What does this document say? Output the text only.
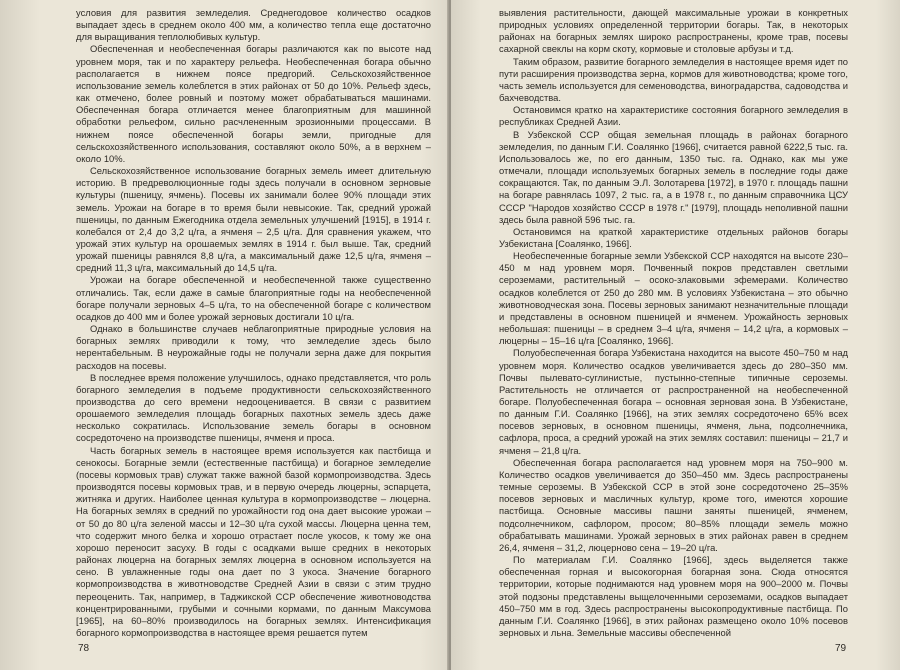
условия для развития земледелия. Среднегодовое количество осадков выпадает здесь в среднем около 400 мм, а количество тепла еще достаточно для выращивания теплолюбивых культур.

Обеспеченная и необеспеченная богары различаются как по высоте над уровнем моря, так и по характеру рельефа. Необеспеченная богара обычно располагается в нижнем поясе предгорий. Сельскохозяйственное использование земель колеблется в этих районах от 50 до 10%. Рельеф здесь, как отмечено, более ровный и поэтому может обрабатываться машинами. Обеспеченная богара отличается менее благоприятным для машинной обработки рельефом, сильно расчлененным эрозионными процессами. В нижнем поясе обеспеченной богары земли, пригодные для сельскохозяйственного использования, составляют около 50%, а в верхнем – около 10%.

Сельскохозяйственное использование богарных земель имеет длительную историю. В предреволюционные годы здесь получали в основном зерновые культуры (пшеницу, ячмень). Посевы их занимали более 90% площади этих земель. Урожаи на богаре в то время были невысокие. Так, средний урожай пшеницы, по данным Ежегодника отдела земельных улучшений [1915], в 1914 г. колебался от 2,4 до 3,2 ц/га, а ячменя – 2,5 ц/га. Для сравнения укажем, что урожай этих культур на орошаемых землях в 1914 г. был выше. Так, средний урожай пшеницы равнялся 8,8 ц/га, а максимальный даже 12,5 ц/га, ячменя – средний 11,3 ц/га, максимальный до 14,5 ц/га.

Урожаи на богаре обеспеченной и необеспеченной также существенно отличались. Так, если даже в самые благоприятные годы на необеспеченной богаре получали зерновых 4–5 ц/га, то на обеспеченной богаре с количеством осадков до 400 мм и более урожай зерновых достигали 10 ц/га.

Однако в большинстве случаев неблагоприятные природные условия на богарных землях приводили к тому, что земледелие здесь было нерентабельным. В неурожайные годы не получали зерна даже для покрытия расходов на посевы.

В последнее время положение улучшилось, однако представляется, что роль богарного земледелия в подъеме продуктивности сельскохозяйственного производства до сего времени недооценивается. В связи с развитием орошаемого земледелия площадь богарных пахотных земель здесь даже несколько сократилась. Использование земель богары в основном сосредоточено на производстве пшеницы, ячменя и проса.

Часть богарных земель в настоящее время используется как пастбища и сенокосы. Богарные земли (естественные пастбища) и богарное земледелие (посевы кормовых трав) служат также важной базой кормопроизводства. Здесь производятся посевы кормовых трав, и в первую очередь люцерны, эспарцета, житняка и других. Наиболее ценная культура в кормопроизводстве – люцерна. На богарных землях в средний по урожайности год она дает высокие урожаи – от 50 до 80 ц/га зеленой массы и 12–30 ц/га сухой массы. Люцерна ценна тем, что содержит много белка и хорошо отрастает после укосов, к тому же она хорошо переносит засуху. В годы с осадками выше средних в некоторых районах люцерна на богарных землях люцерна в основном используется на сено. В увлажненные годы она дает по 3 укоса. Значение богарного кормопроизводства в животноводстве Средней Азии в связи с этим трудно переоценить. Так, например, в Таджикской ССР обеспечение животноводства концентрированными, грубыми и сочными кормами, по данным Максумова [1965], на 60–80% производилось на богарных землях. Интенсификация богарного кормопроизводства в настоящее время решается путем

78

выявления растительности, дающей максимальные урожаи в конкретных природных условиях определенной территории богары. Так, в некоторых районах на богарных землях широко распространены, кроме трав, посевы сахарной свеклы на корм скоту, кормовые и столовые арбузы и т.д.

Таким образом, развитие богарного земледелия в настоящее время идет по пути расширения производства зерна, кормов для животноводства; кроме того, часть земель используется для семеноводства, виноградарства, садоводства и бахчеводства.

Остановимся кратко на характеристике состояния богарного земледелия в республиках Средней Азии.

В Узбекской ССР общая земельная площадь в районах богарного земледелия, по данным Г.И. Соалянко [1966], считается равной 6222,5 тыс. га. Использовалось же, по его данным, 1350 тыс. га. Однако, как мы уже отмечали, площади используемых богарных земель в последние годы даже сокращаются. Так, по данным Э.Л. Золотарева [1972], в 1970 г. площадь пашни на богаре равнялась 1097, 2 тыс. га, а в 1978 г., по данным справочника ЦСУ СССР "Народов хозяйство СССР в 1978 г." [1979], площадь неполивной пашни здесь была равной 596 тыс. га.

Остановимся на краткой характеристике отдельных районов богары Узбекистана [Соалянко, 1966].

Необеспеченные богарные земли Узбекской ССР находятся на высоте 230–450 м над уровнем моря. Почвенный покров представлен светлыми сероземами, растительный – осоко-злаковыми эфемерами. Количество осадков колеблется от 250 до 280 мм. В условиях Узбекистана – это обычно животноводческая зона. Посевы зерновых занимают незначительные площади и представлены в основном пшеницей и ячменем. Урожайность зерновых небольшая: пшеницы – в среднем 3–4 ц/га, ячменя – 14,2 ц/га, а кормовых – люцерны – 15–16 ц/га [Соалянко, 1966].

Полуобеспеченная богара Узбекистана находится на высоте 450–750 м над уровнем моря. Количество осадков увеличивается здесь до 280–350 мм. Почвы пылевато-суглинистые, пустынно-степные типичные сероземы. Растительность не отличается от распространенной на необеспеченной богаре. Полуобеспеченная богара – основная зерновая зона. В Узбекистане, по данным Г.И. Соалянко [1966], на этих землях сосредоточено 65% всех посевов зерновых, в основном пшеницы, ячменя, льна, подсолнечника, сафлора, проса, а средний урожай на этих землях составил: пшеницы – 21,7 и ячменя – 21,8 ц/га.

Обеспеченная богара располагается над уровнем моря на 750–900 м. Количество осадков увеличивается до 350–450 мм. Здесь распространены темные сероземы. В Узбекской ССР в этой зоне сосредоточено 25–35% посевов зерновых и масличных культур, кроме того, имеются хорошие пастбища. Основные массивы пашни заняты пшеницей, ячменем, подсолнечником, сафлором, просом; 80–85% площади земель можно обрабатывать машинами. Урожай зерновых в этих районах равен в среднем 26,4, ячменя – 31,2, люцерново сена – 19–20 ц/га.

По материалам Г.И. Соалянко [1966], здесь выделяется также обеспеченная горная и высокогорная богарная зона. Сюда относятся территории, которые поднимаются над уровнем моря на 900–2000 м. Почвы этой подзоны представлены выщелоченными сероземами, осадков выпадает 450–750 мм в год. Здесь распространены высокопродуктивные пастбища. По данным Г.И. Соалянко [1966], в этих районах размещено около 10% посевов зерновых и льна. Земельные массивы обеспеченной

79
